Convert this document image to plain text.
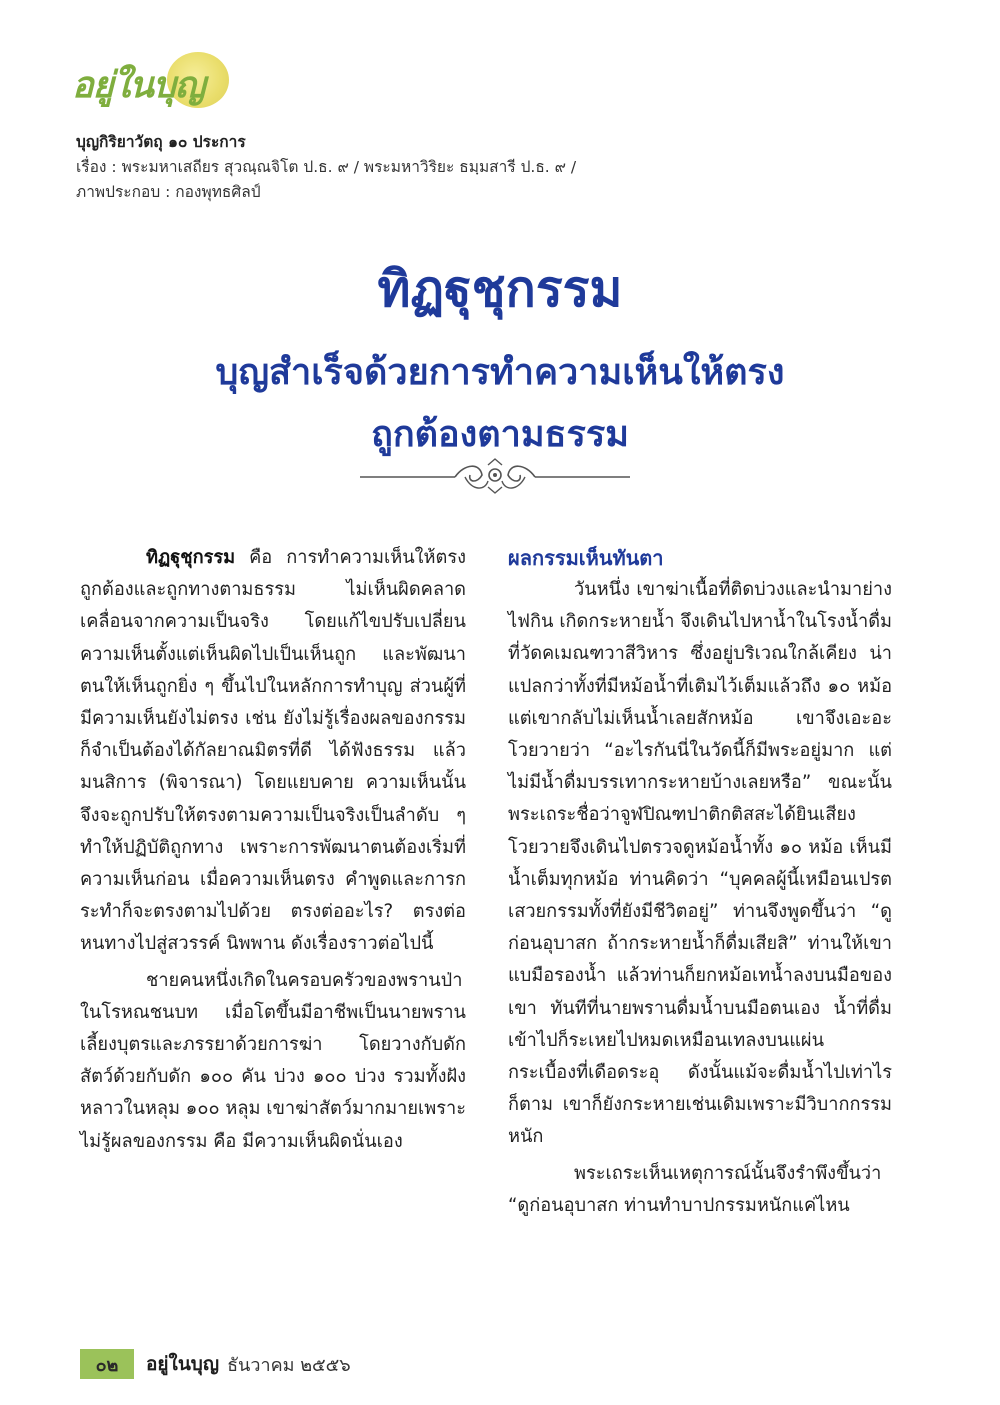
อยู่ในบุญ
บุญกิริยาวัตถุ ๑๐ ประการ
เรื่อง : พระมหาเสถียร สุวณฺณจิโต ป.ธ. ๙ / พระมหาวิริยะ ธมฺมสารี ป.ธ. ๙ /
ภาพประกอบ : กองพุทธศิลป์
ทิฏฐุชุกรรม
บุญสำเร็จด้วยการทำความเห็นให้ตรง
ถูกต้องตามธรรม

ทิฏฐุชุกรรม คือ การทำความเห็นให้ตรง ถูกต้องและถูกทางตามธรรม ไม่เห็นผิดคลาดเคลื่อนจากความเป็นจริง โดยแก้ไขปรับเปลี่ยนความเห็นตั้งแต่เห็นผิดไปเป็นเห็นถูก และพัฒนาตนให้เห็นถูกยิ่ง ๆ ขึ้นไปในหลักการทำบุญ ส่วนผู้ที่มีความเห็นยังไม่ตรง เช่น ยังไม่รู้เรื่องผลของกรรม ก็จำเป็นต้องได้กัลยาณมิตรที่ดี ได้ฟังธรรม แล้วมนสิการ (พิจารณา) โดยแยบคาย ความเห็นนั้นจึงจะถูกปรับให้ตรงตามความเป็นจริงเป็นลำดับ ๆ ทำให้ปฏิบัติถูกทาง เพราะการพัฒนาตนต้องเริ่มที่ความเห็นก่อน เมื่อความเห็นตรง คำพูดและการกระทำก็จะตรงตามไปด้วย ตรงต่ออะไร? ตรงต่อหนทางไปสู่สวรรค์ นิพพาน ดังเรื่องราวต่อไปนี้

ชายคนหนึ่งเกิดในครอบครัวของพรานป่าในโรหณชนบท เมื่อโตขึ้นมีอาชีพเป็นนายพรานเลี้ยงบุตรและภรรยาด้วยการฆ่า โดยวางกับดักสัตว์ด้วยกับดัก ๑๐๐ คัน บ่วง ๑๐๐ บ่วง รวมทั้งฝังหลาวในหลุม ๑๐๐ หลุม เขาฆ่าสัตว์มากมายเพราะไม่รู้ผลของกรรม คือ มีความเห็นผิดนั่นเอง

ผลกรรมเห็นทันตา

วันหนึ่ง เขาฆ่าเนื้อที่ติดบ่วงและนำมาย่างไฟกิน เกิดกระหายน้ำ จึงเดินไปหาน้ำในโรงน้ำดื่มที่วัดคเมณฑวาสีวิหาร ซึ่งอยู่บริเวณใกล้เคียง น่าแปลกว่าทั้งที่มีหม้อน้ำที่เติมไว้เต็มแล้วถึง ๑๐ หม้อ แต่เขากลับไม่เห็นน้ำเลยสักหม้อ เขาจึงเอะอะโวยวายว่า “อะไรกันนี่ในวัดนี้ก็มีพระอยู่มาก แต่ไม่มีน้ำดื่มบรรเทากระหายบ้างเลยหรือ” ขณะนั้น พระเถระชื่อว่าจูฬปิณฑปาติกติสสะได้ยินเสียงโวยวายจึงเดินไปตรวจดูหม้อน้ำทั้ง ๑๐ หม้อ เห็นมีน้ำเต็มทุกหม้อ ท่านคิดว่า “บุคคลผู้นี้เหมือนเปรตเสวยกรรมทั้งที่ยังมีชีวิตอยู่” ท่านจึงพูดขึ้นว่า “ดูก่อนอุบาสก ถ้ากระหายน้ำก็ดื่มเสียสิ” ท่านให้เขาแบมือรองน้ำ แล้วท่านก็ยกหม้อเทน้ำลงบนมือของเขา ทันทีที่นายพรานดื่มน้ำบนมือตนเอง น้ำที่ดื่มเข้าไปก็ระเหยไปหมดเหมือนเทลงบนแผ่นกระเบื้องที่เดือดระอุ ดังนั้นแม้จะดื่มน้ำไปเท่าไรก็ตาม เขาก็ยังกระหายเช่นเดิมเพราะมีวิบากกรรมหนัก

พระเถระเห็นเหตุการณ์นั้นจึงรำพึงขึ้นว่า “ดูก่อนอุบาสก ท่านทำบาปกรรมหนักแค่ไหน

๐๒	อยู่ในบุญ ธันวาคม ๒๕๕๖
